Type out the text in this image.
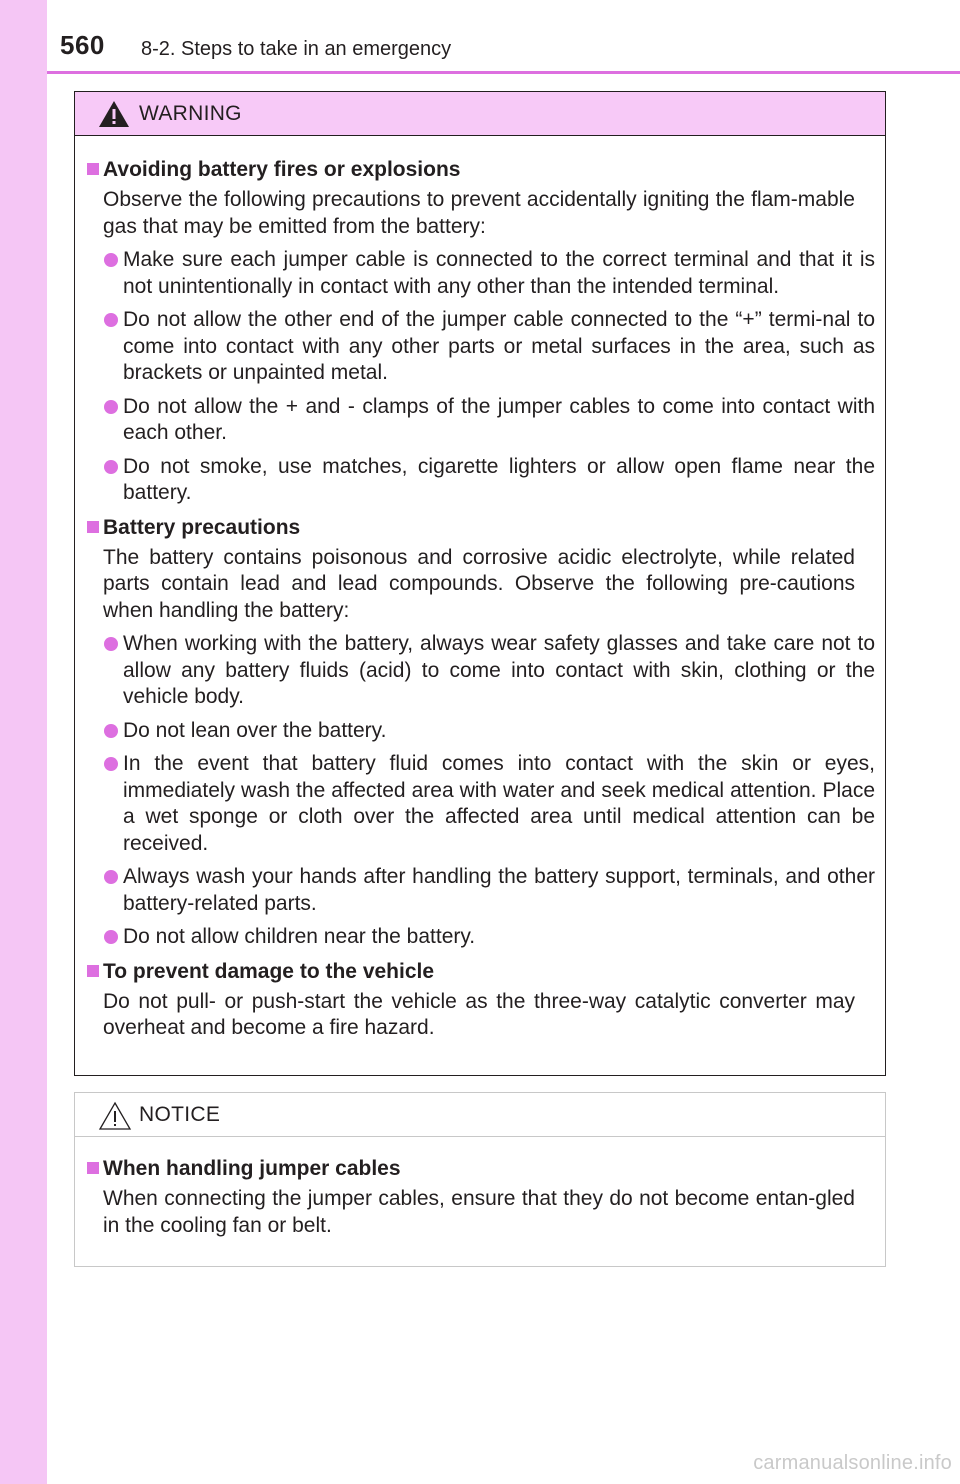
560 8-2. Steps to take in an emergency
WARNING
Avoiding battery fires or explosions
Observe the following precautions to prevent accidentally igniting the flam-mable gas that may be emitted from the battery:
Make sure each jumper cable is connected to the correct terminal and that it is not unintentionally in contact with any other than the intended terminal.
Do not allow the other end of the jumper cable connected to the “+” termi-nal to come into contact with any other parts or metal surfaces in the area, such as brackets or unpainted metal.
Do not allow the + and - clamps of the jumper cables to come into contact with each other.
Do not smoke, use matches, cigarette lighters or allow open flame near the battery.
Battery precautions
The battery contains poisonous and corrosive acidic electrolyte, while related parts contain lead and lead compounds. Observe the following pre-cautions when handling the battery:
When working with the battery, always wear safety glasses and take care not to allow any battery fluids (acid) to come into contact with skin, clothing or the vehicle body.
Do not lean over the battery.
In the event that battery fluid comes into contact with the skin or eyes, immediately wash the affected area with water and seek medical attention. Place a wet sponge or cloth over the affected area until medical attention can be received.
Always wash your hands after handling the battery support, terminals, and other battery-related parts.
Do not allow children near the battery.
To prevent damage to the vehicle
Do not pull- or push-start the vehicle as the three-way catalytic converter may overheat and become a fire hazard.
NOTICE
When handling jumper cables
When connecting the jumper cables, ensure that they do not become entan-gled in the cooling fan or belt.
carmanualsonline.info
